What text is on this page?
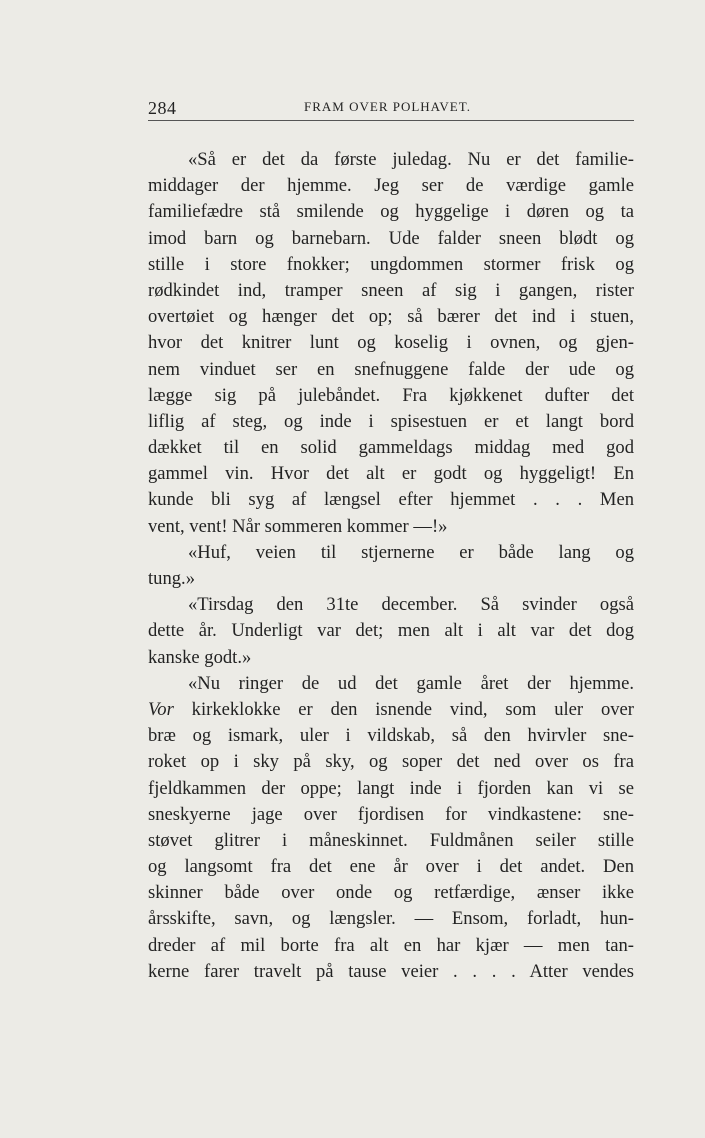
284	FRAM OVER POLHAVET.
«Så er det da første juledag. Nu er det familie-
middager der hjemme. Jeg ser de værdige gamle
familiefædre stå smilende og hyggelige i døren og ta
imod barn og barnebarn. Ude falder sneen blødt og
stille i store fnokker; ungdommen stormer frisk og
rødkindet ind, tramper sneen af sig i gangen, rister
overtøiet og hænger det op; så bærer det ind i stuen,
hvor det knitrer lunt og koselig i ovnen, og gjen-
nem vinduet ser en snefnuggene falde der ude og
lægge sig på julebåndet. Fra kjøkkenet dufter det
liflig af steg, og inde i spisestuen er et langt bord
dækket til en solid gammeldags middag med god
gammel vin. Hvor det alt er godt og hyggeligt! En
kunde bli syg af længsel efter hjemmet . . . Men
vent, vent! Når sommeren kommer —!»
«Huf, veien til stjernerne er både lang og
tung.»
«Tirsdag den 31te december. Så svinder også
dette år. Underligt var det; men alt i alt var det dog
kanske godt.»
«Nu ringer de ud det gamle året der hjemme.
Vor kirkeklokke er den isnende vind, som uler over
bræ og ismark, uler i vildskab, så den hvirvler sne-
roket op i sky på sky, og soper det ned over os fra
fjeldkammen der oppe; langt inde i fjorden kan vi se
sneskyerne jage over fjordisen for vindkastene: sne-
støvet glitrer i måneskinnet. Fuldmånen seiler stille
og langsomt fra det ene år over i det andet. Den
skinner både over onde og retfærdige, ænser ikke
årsskifte, savn, og længsler. — Ensom, forladt, hun-
dreder af mil borte fra alt en har kjær — men tan-
kerne farer travelt på tause veier . . . . Atter vendes
